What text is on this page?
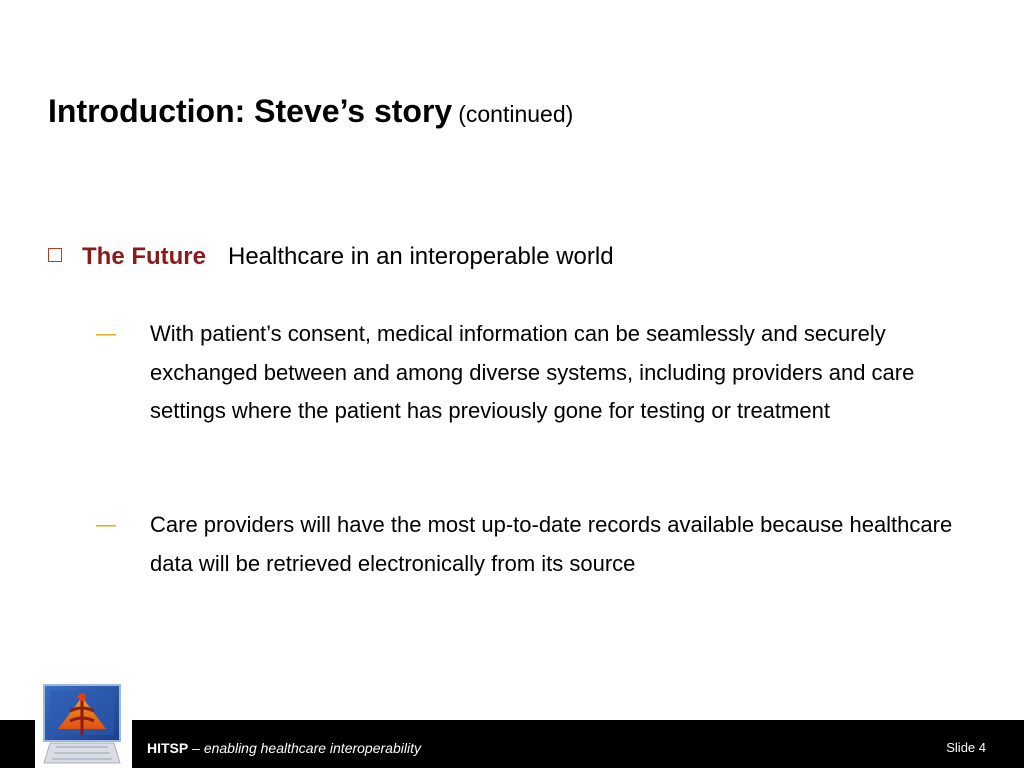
Introduction: Steve’s story (continued)
The Future Healthcare in an interoperable world
— With patient’s consent, medical information can be seamlessly and securely exchanged between and among diverse systems, including providers and care settings where the patient has previously gone for testing or treatment
— Care providers will have the most up-to-date records available because healthcare data will be retrieved electronically from its source
HITSP – enabling healthcare interoperability	Slide 4
